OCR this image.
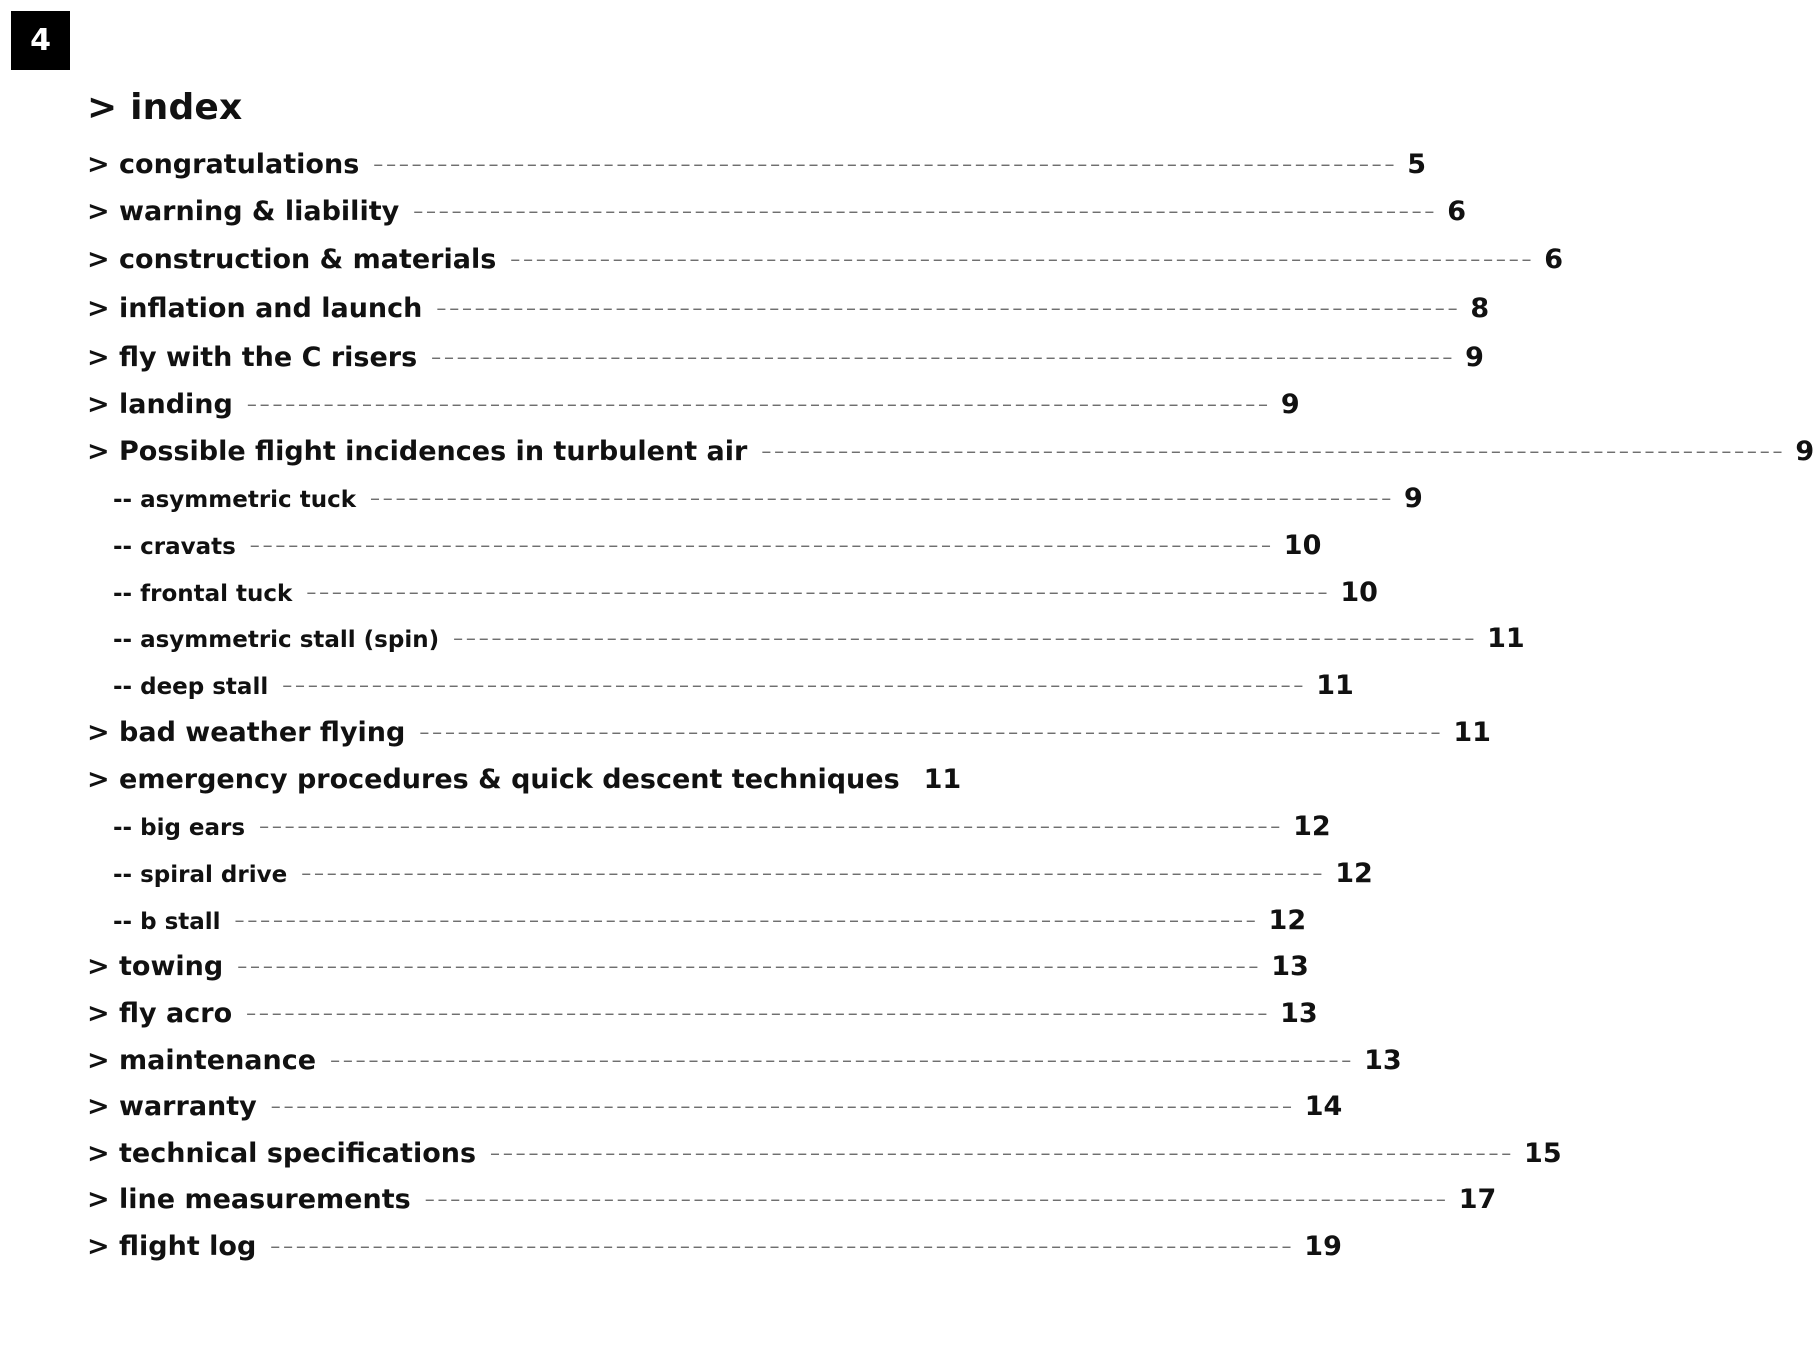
4
> index
> congratulations –––––	5
> warning & liability –––––	6
> construction & materials –––––	6
> inflation and launch –––––	8
> fly with the C risers –––––	9
> landing –––––	9
> Possible flight incidences in turbulent air –––––	9
-- asymmetric tuck –––––	9
-- cravats –––––	10
-- frontal tuck –––––	10
-- asymmetric stall (spin) –––––	11
-- deep stall –––––	11
> bad weather flying –––––	11
> emergency procedures & quick descent techniques 11
-- big ears –––––	12
-- spiral drive –––––	12
-- b stall –––––	12
> towing –––––	13
> fly acro –––––	13
> maintenance –––––	13
> warranty –––––	14
> technical specifications –––––	15
> line measurements –––––	17
> flight log –––––	19
